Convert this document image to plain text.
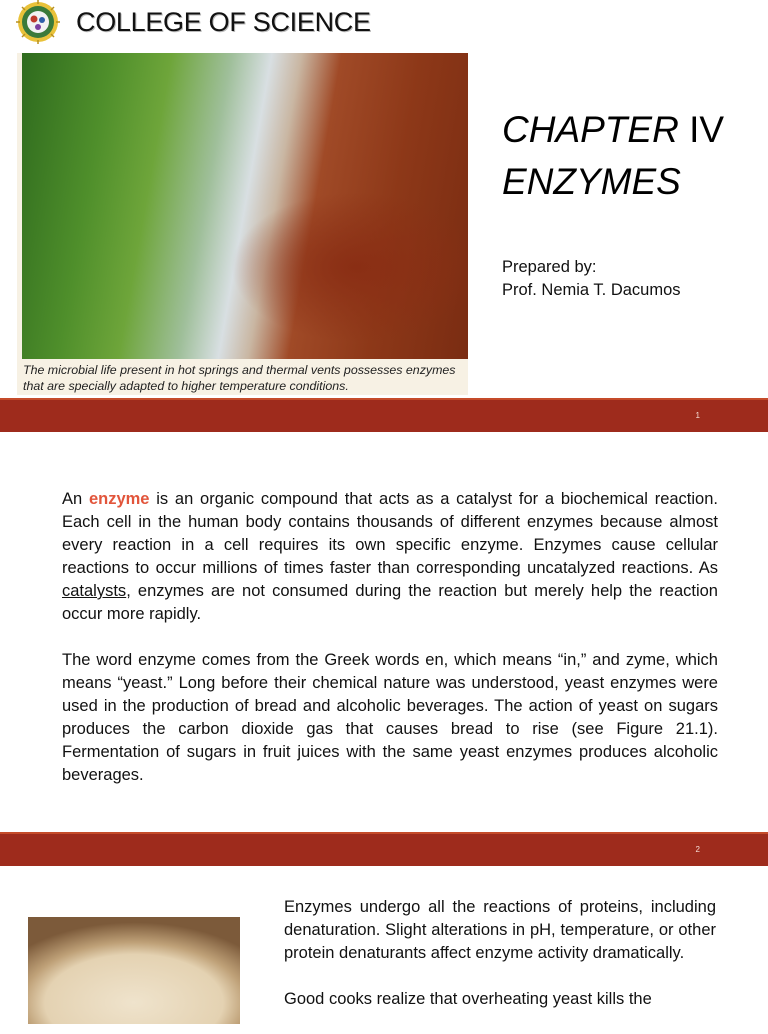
COLLEGE OF SCIENCE
The microbial life present in hot springs and thermal vents possesses enzymes that are specially adapted to higher temperature conditions.
CHAPTER IV
ENZYMES
Prepared by:
Prof. Nemia T. Dacumos
1

An enzyme is an organic compound that acts as a catalyst for a biochemical reaction. Each cell in the human body contains thousands of different enzymes because almost every reaction in a cell requires its own specific enzyme. Enzymes cause cellular reactions to occur millions of times faster than corresponding uncatalyzed reactions. As catalysts, enzymes are not consumed during the reaction but merely help the reaction occur more rapidly.

The word enzyme comes from the Greek words en, which means “in,” and zyme, which means “yeast.” Long before their chemical nature was understood, yeast enzymes were used in the production of bread and alcoholic beverages. The action of yeast on sugars produces the carbon dioxide gas that causes bread to rise (see Figure 21.1). Fermentation of sugars in fruit juices with the same yeast enzymes produces alcoholic beverages.

2

Enzymes undergo all the reactions of proteins, including denaturation. Slight alterations in pH, temperature, or other protein denaturants affect enzyme activity dramatically.

Good cooks realize that overheating yeast kills the
